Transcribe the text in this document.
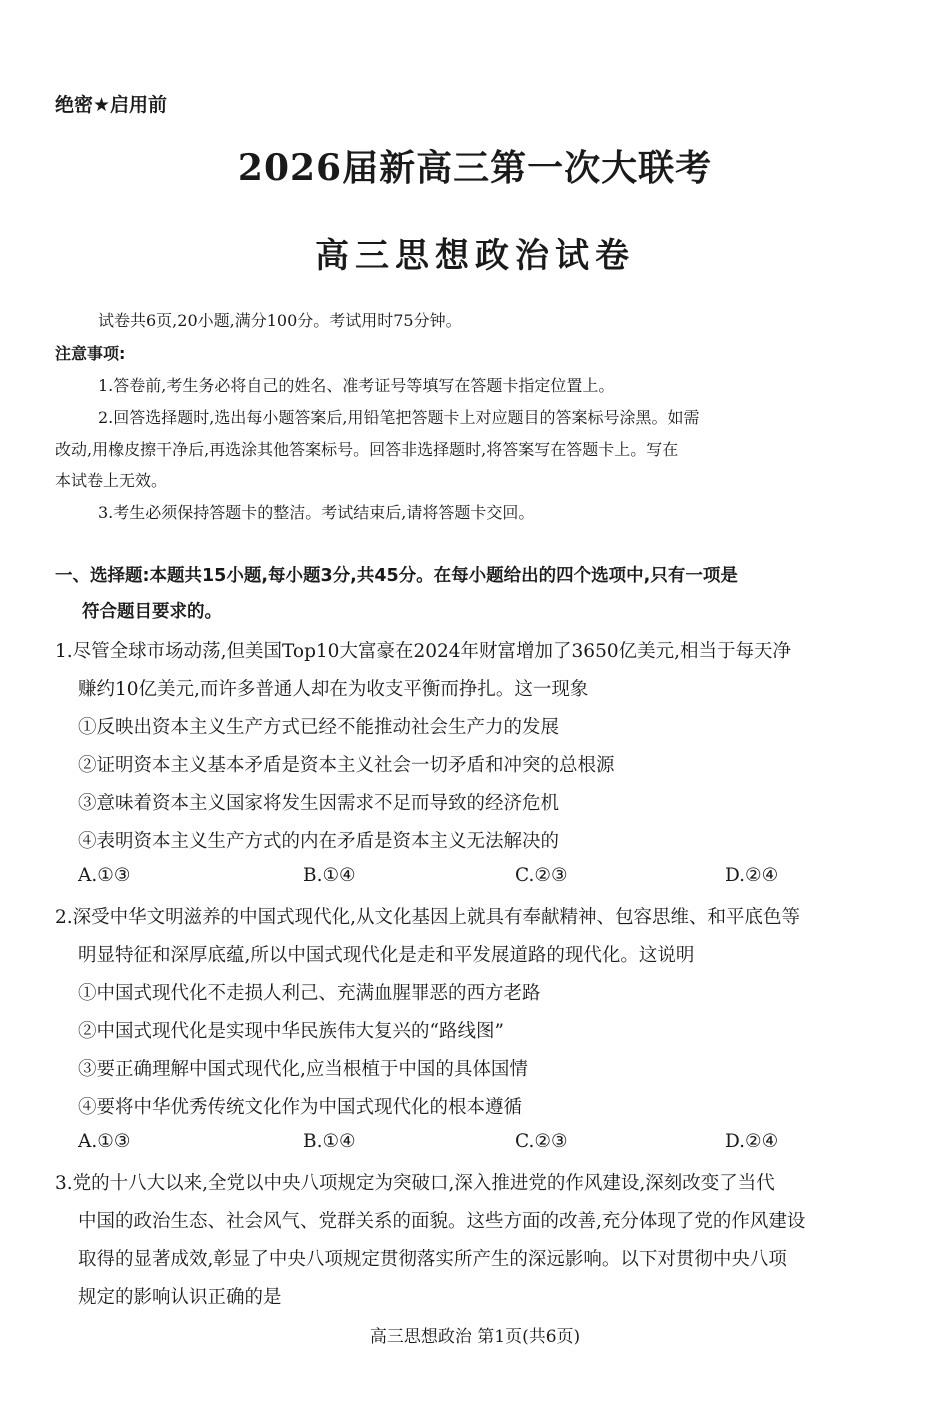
绝密★启用前
2026届新高三第一次大联考
高三思想政治试卷
试卷共6页,20小题,满分100分。考试用时75分钟。
注意事项:
1.答卷前,考生务必将自己的姓名、准考证号等填写在答题卡指定位置上。
2.回答选择题时,选出每小题答案后,用铅笔把答题卡上对应题目的答案标号涂黑。如需
改动,用橡皮擦干净后,再选涂其他答案标号。回答非选择题时,将答案写在答题卡上。写在
本试卷上无效。
3.考生必须保持答题卡的整洁。考试结束后,请将答题卡交回。
一、选择题:本题共15小题,每小题3分,共45分。在每小题给出的四个选项中,只有一项是
符合题目要求的。
1.尽管全球市场动荡,但美国Top10大富豪在2024年财富增加了3650亿美元,相当于每天净
赚约10亿美元,而许多普通人却在为收支平衡而挣扎。这一现象
①反映出资本主义生产方式已经不能推动社会生产力的发展
②证明资本主义基本矛盾是资本主义社会一切矛盾和冲突的总根源
③意味着资本主义国家将发生因需求不足而导致的经济危机
④表明资本主义生产方式的内在矛盾是资本主义无法解决的
A.①③	B.①④	C.②③	D.②④
2.深受中华文明滋养的中国式现代化,从文化基因上就具有奉献精神、包容思维、和平底色等
明显特征和深厚底蕴,所以中国式现代化是走和平发展道路的现代化。这说明
①中国式现代化不走损人利己、充满血腥罪恶的西方老路
②中国式现代化是实现中华民族伟大复兴的“路线图”
③要正确理解中国式现代化,应当根植于中国的具体国情
④要将中华优秀传统文化作为中国式现代化的根本遵循
A.①③	B.①④	C.②③	D.②④
3.党的十八大以来,全党以中央八项规定为突破口,深入推进党的作风建设,深刻改变了当代
中国的政治生态、社会风气、党群关系的面貌。这些方面的改善,充分体现了党的作风建设
取得的显著成效,彰显了中央八项规定贯彻落实所产生的深远影响。以下对贯彻中央八项
规定的影响认识正确的是
高三思想政治 第1页(共6页)
